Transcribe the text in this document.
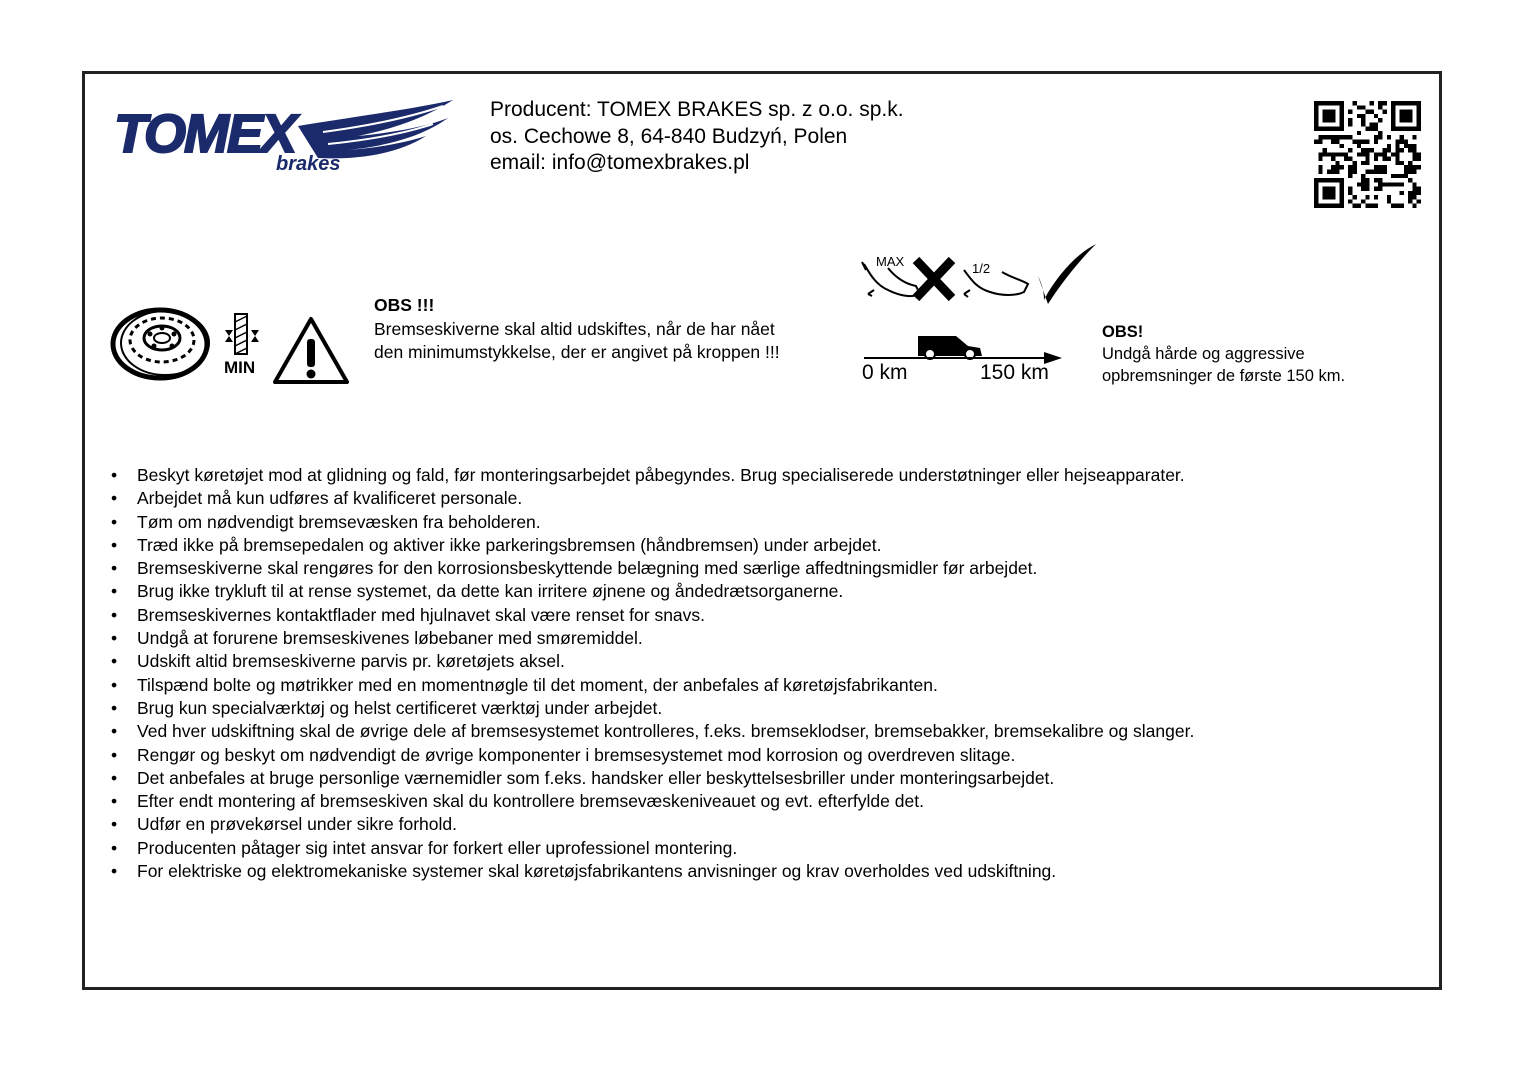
TOMEX
brakes
Producent: TOMEX BRAKES sp. z o.o. sp.k.
os. Cechowe 8, 64-840 Budzyń, Polen
email: info@tomexbrakes.pl
MIN
OBS !!!
Bremseskiverne skal altid udskiftes, når de har nået den minimumstykkelse, der er angivet på kroppen !!!
MAX	1/2
0 km	150 km
OBS!
Undgå hårde og aggressive opbremsninger de første 150 km.
• Beskyt køretøjet mod at glidning og fald, før monteringsarbejdet påbegyndes. Brug specialiserede understøtninger eller hejseapparater.
• Arbejdet må kun udføres af kvalificeret personale.
• Tøm om nødvendigt bremsevæsken fra beholderen.
• Træd ikke på bremsepedalen og aktiver ikke parkeringsbremsen (håndbremsen) under arbejdet.
• Bremseskiverne skal rengøres for den korrosionsbeskyttende belægning med særlige affedtningsmidler før arbejdet.
• Brug ikke trykluft til at rense systemet, da dette kan irritere øjnene og åndedrætsorganerne.
• Bremseskivernes kontaktflader med hjulnavet skal være renset for snavs.
• Undgå at forurene bremseskivenes løbebaner med smøremiddel.
• Udskift altid bremseskiverne parvis pr. køretøjets aksel.
• Tilspænd bolte og møtrikker med en momentnøgle til det moment, der anbefales af køretøjsfabrikanten.
• Brug kun specialværktøj og helst certificeret værktøj under arbejdet.
• Ved hver udskiftning skal de øvrige dele af bremsesystemet kontrolleres, f.eks. bremseklodser, bremsebakker, bremsekalibre og slanger.
• Rengør og beskyt om nødvendigt de øvrige komponenter i bremsesystemet mod korrosion og overdreven slitage.
• Det anbefales at bruge personlige værnemidler som f.eks. handsker eller beskyttelsesbriller under monteringsarbejdet.
• Efter endt montering af bremseskiven skal du kontrollere bremsevæskeniveauet og evt. efterfylde det.
• Udfør en prøvekørsel under sikre forhold.
• Producenten påtager sig intet ansvar for forkert eller uprofessionel montering.
• For elektriske og elektromekaniske systemer skal køretøjsfabrikantens anvisninger og krav overholdes ved udskiftning.
